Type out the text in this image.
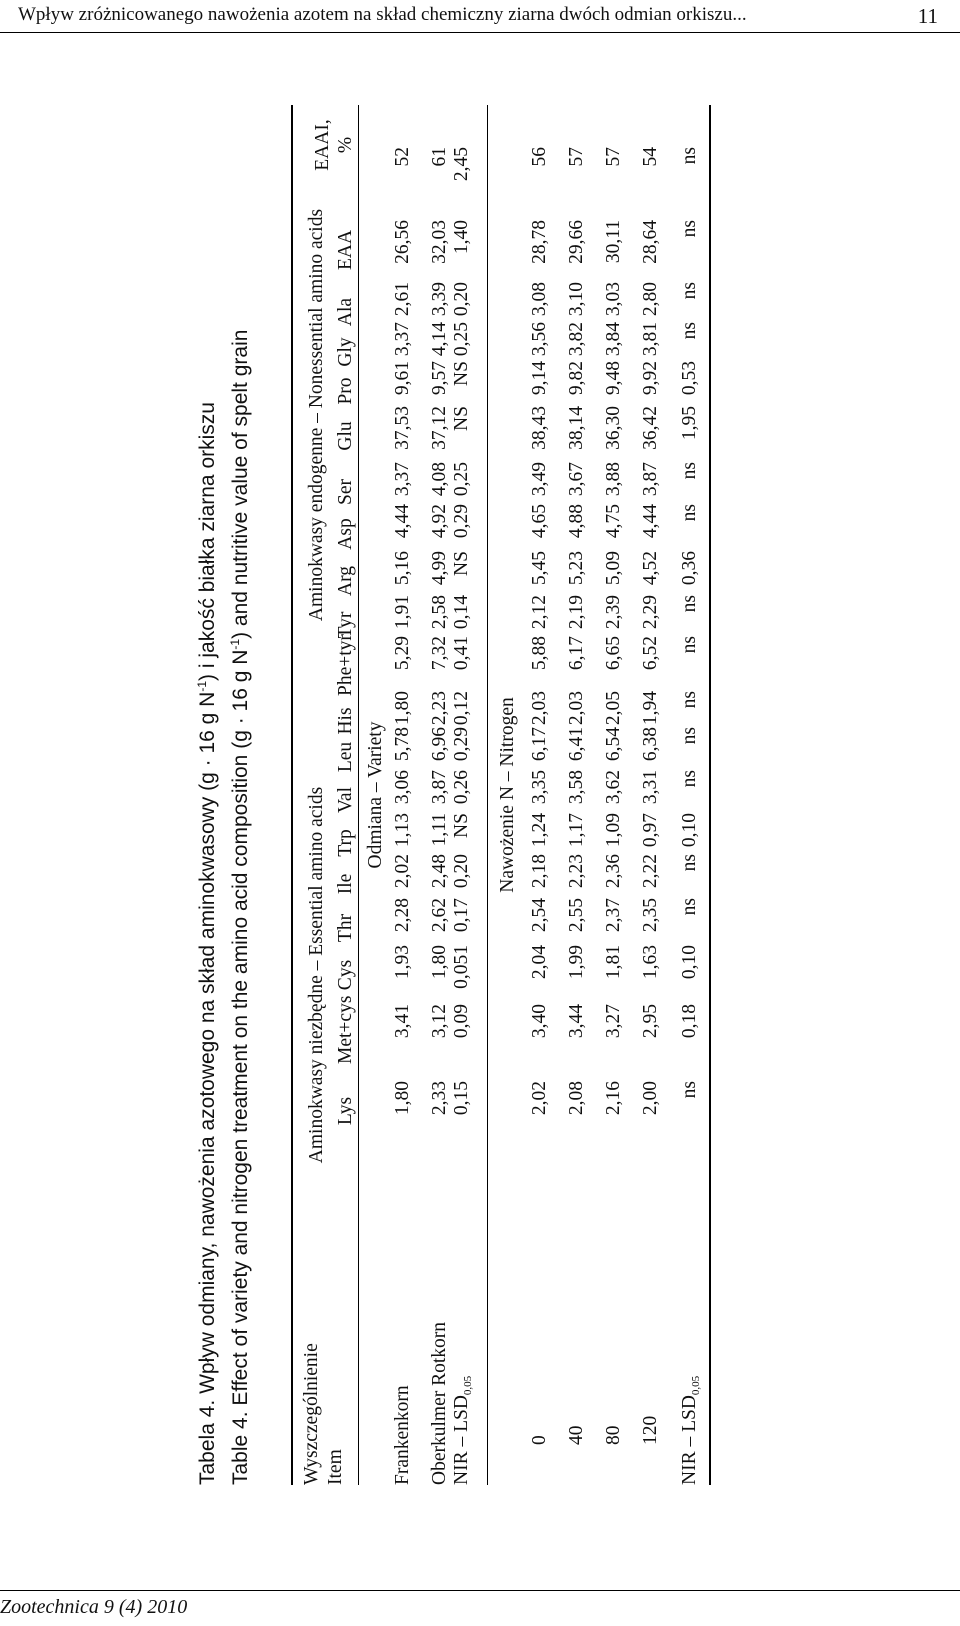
Wpływ zróżnicowanego nawożenia azotem na skład chemiczny ziarna dwóch odmian orkiszu...	11
Tabela 4. Wpływ odmiany, nawożenia azotowego na skład aminokwasowy (g · 16 g $N^{-1}$) i jakość białka ziarna orkiszu
Table 4. Effect of variety and nitrogen treatment on the amino acid composition (g · 16 g $N^{-1}$) and nutritive value of spelt grain
Wyszczególnienie Item
Aminokwasy niezbędne – Essential amino acids
Aminokwasy endogenne – Nonessential amino acids
EAAI, %
Lys
Met+cys
Cys
Thr
Ile
Trp
Val
Leu
His
Phe+tyr
Tyr
Arg
Asp
Ser
Glu
Pro
Gly
Ala
EAA
Odmiana – Variety
Frankenkorn
1,80
3,41
1,93
2,28
2,02
1,13
3,06
5,78
1,80
5,29
1,91
5,16
4,44
3,37
37,53
9,61
3,37
2,61
26,56
52
Oberkulmer Rotkorn
2,33
3,12
1,80
2,62
2,48
1,11
3,87
6,96
2,23
7,32
2,58
4,99
4,92
4,08
37,12
9,57
4,14
3,39
32,03
61
NIR – $LSD_{0,05}$
0,15
0,09
0,051
0,17
0,20
NS
0,26
0,29
0,12
0,41
0,14
NS
0,29
0,25
NS
NS
0,25
0,20
1,40
2,45
Nawożenie N – Nitrogen
0
2,02
3,40
2,04
2,54
2,18
1,24
3,35
6,17
2,03
5,88
2,12
5,45
4,65
3,49
38,43
9,14
3,56
3,08
28,78
56
40
2,08
3,44
1,99
2,55
2,23
1,17
3,58
6,41
2,03
6,17
2,19
5,23
4,88
3,67
38,14
9,82
3,82
3,10
29,66
57
80
2,16
3,27
1,81
2,37
2,36
1,09
3,62
6,54
2,05
6,65
2,39
5,09
4,75
3,88
36,30
9,48
3,84
3,03
30,11
57
120
2,00
2,95
1,63
2,35
2,22
0,97
3,31
6,38
1,94
6,52
2,29
4,52
4,44
3,87
36,42
9,92
3,81
2,80
28,64
54
NIR – $LSD_{0,05}$
ns
0,18
0,10
ns
ns
0,10
ns
ns
ns
ns
ns
0,36
ns
ns
1,95
0,53
ns
ns
ns
ns
Zootechnica 9 (4) 2010
